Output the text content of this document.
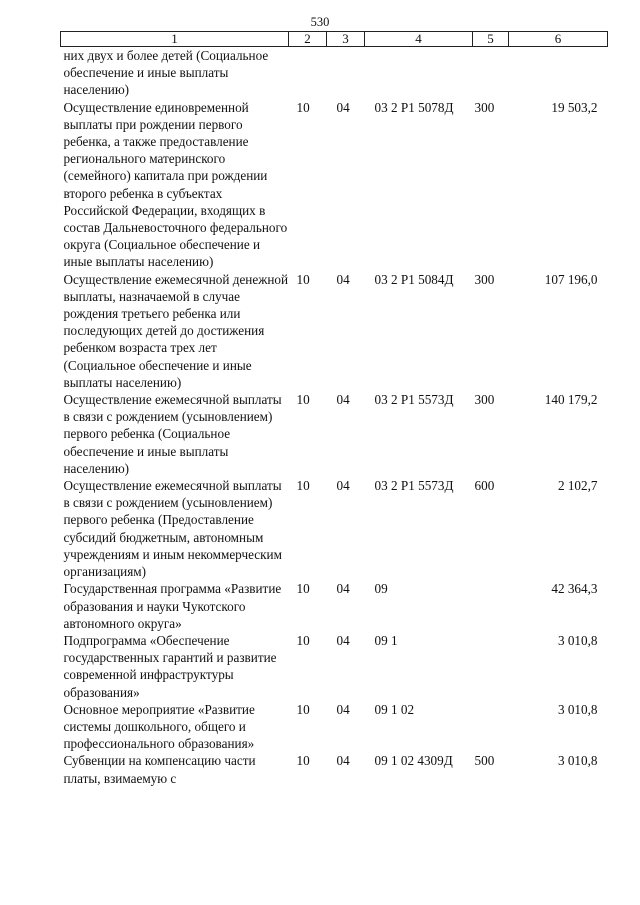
530
1	2	3	4	5	6
них двух и более детей (Социальное обеспечение и иные выплаты населению)					
Осуществление единовременной выплаты при рождении первого ребенка, а также предоставление регионального материнского (семейного) капитала при рождении второго ребенка в субъектах Российской Федерации, входящих в состав Дальневосточного федерального округа (Социальное обеспечение и иные выплаты населению)	10	04	03 2 P1 5078Д	300	19 503,2
Осуществление ежемесячной денежной выплаты, назначаемой в случае рождения третьего ребенка или последующих детей до достижения ребенком возраста трех лет (Социальное обеспечение и иные выплаты населению)	10	04	03 2 P1 5084Д	300	107 196,0
Осуществление ежемесячной выплаты в связи с рождением (усыновлением) первого ребенка (Социальное обеспечение и иные выплаты населению)	10	04	03 2 P1 5573Д	300	140 179,2
Осуществление ежемесячной выплаты в связи с рождением (усыновлением) первого ребенка (Предоставление субсидий бюджетным, автономным учреждениям и иным некоммерческим организациям)	10	04	03 2 P1 5573Д	600	2 102,7
Государственная программа «Развитие образования и науки Чукотского автономного округа»	10	04	09		42 364,3
Подпрограмма «Обеспечение государственных гарантий и развитие современной инфраструктуры образования»	10	04	09 1		3 010,8
Основное мероприятие «Развитие системы дошкольного, общего и профессионального образования»	10	04	09 1 02		3 010,8
Субвенции на компенсацию части платы, взимаемую с	10	04	09 1 02 4309Д	500	3 010,8
